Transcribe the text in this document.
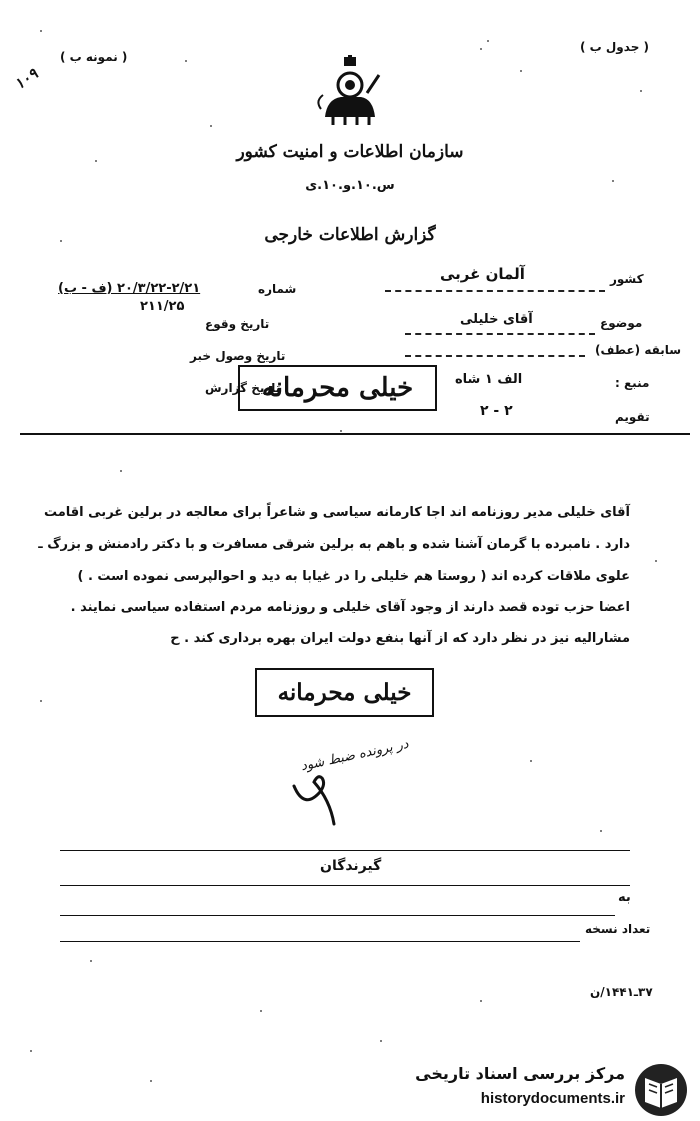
( نمونه ب )
( جدول ب )
۱۰۹
سازمان اطلاعات و امنیت کشور
س.۱۰.و.۱۰.ی
گزارش اطلاعات خارجی
کشور
آلمان غربی
موضوع
آقای خلیلی
سابقه (عطف)
منبع :
الف ۱ شاه
تقویم
۲ - ۲
شماره
۲۰/۳/۲۲-۲/۲۱ (ف - ب)
۲۱۱/۲۵
تاریخ وقوع
تاریخ وصول خبر
تاریخ گزارش
خیلی محرمانه
آقای خلیلی مدیر روزنامه اند اجا کارمانه سیاسی و شاعراً برای معالجه در برلین غربی اقامت
دارد . نامبرده با گرمان آشنا شده و باهم به برلین شرقی مسافرت و با دکتر رادمنش و بزرگ ـ
علوی ملاقات کرده اند ( روستا هم خلیلی را در غیابا به دید و احوالپرسی نموده است . )
اعضا حزب توده قصد دارند از وجود آقای خلیلی و روزنامه مردم استفاده سیاسی نمایند .
مشارالیه نیز در نظر دارد که از آنها بنفع دولت ایران بهره برداری کند . ح
خیلی محرمانه
در پرونده ضبط شود
گیرندگان
به
تعداد نسخه
۳۷ـ۱۴۴۱/ن
مرکز بررسی اسناد تاریخی
historydocuments.ir
